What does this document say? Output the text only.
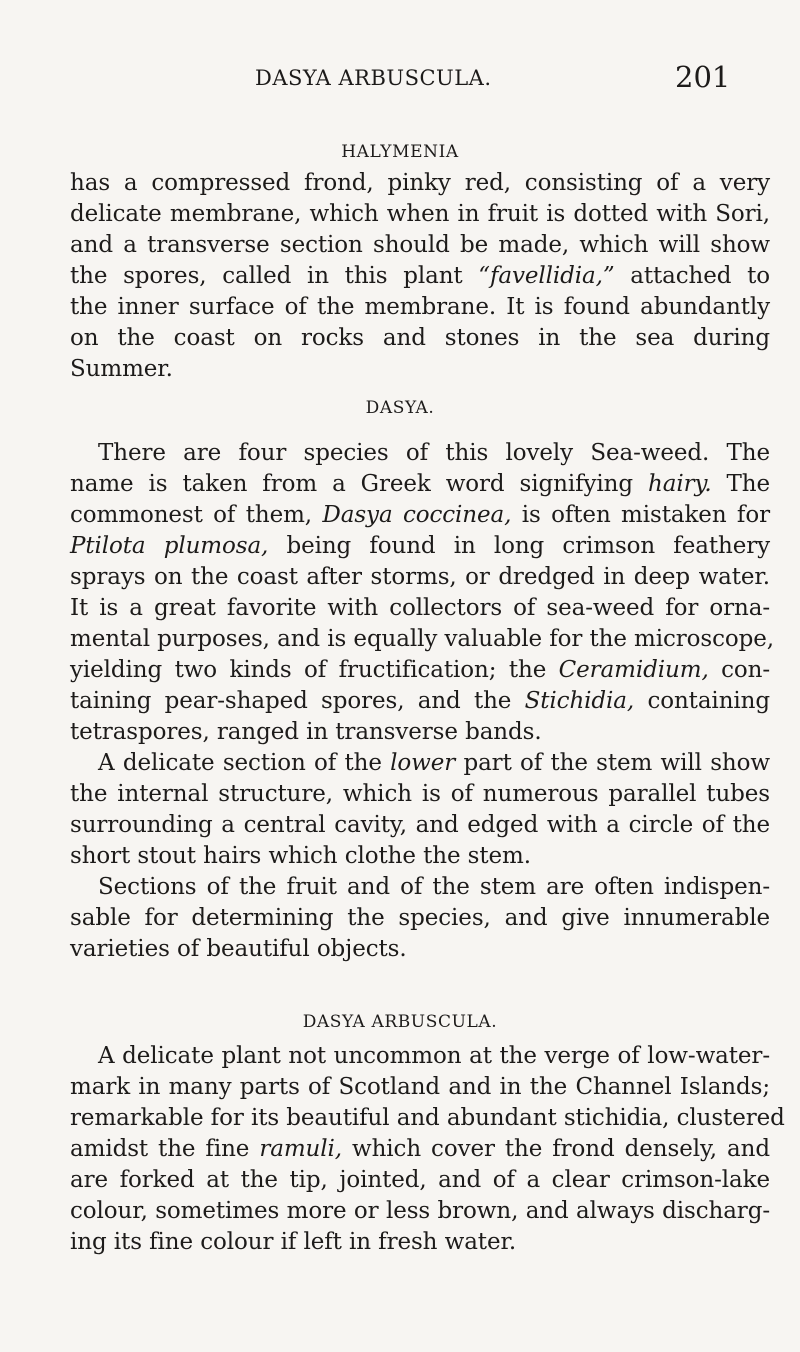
DASYA ARBUSCULA.	201
HALYMENIA
has a compressed frond, pinky red, consisting of a very
delicate membrane, which when in fruit is dotted with Sori,
and a transverse section should be made, which will show
the spores, called in this plant “favellidia,” attached to
the inner surface of the membrane. It is found abundantly
on the coast on rocks and stones in the sea during
Summer.
DASYA.
There are four species of this lovely Sea-weed. The
name is taken from a Greek word signifying hairy. The
commonest of them, Dasya coccinea, is often mistaken for
Ptilota plumosa, being found in long crimson feathery
sprays on the coast after storms, or dredged in deep water.
It is a great favorite with collectors of sea-weed for orna-
mental purposes, and is equally valuable for the microscope,
yielding two kinds of fructification; the Ceramidium, con-
taining pear-shaped spores, and the Stichidia, containing
tetraspores, ranged in transverse bands.
A delicate section of the lower part of the stem will show
the internal structure, which is of numerous parallel tubes
surrounding a central cavity, and edged with a circle of the
short stout hairs which clothe the stem.
Sections of the fruit and of the stem are often indispen-
sable for determining the species, and give innumerable
varieties of beautiful objects.
DASYA ARBUSCULA.
A delicate plant not uncommon at the verge of low-water-
mark in many parts of Scotland and in the Channel Islands;
remarkable for its beautiful and abundant stichidia, clustered
amidst the fine ramuli, which cover the frond densely, and
are forked at the tip, jointed, and of a clear crimson-lake
colour, sometimes more or less brown, and always discharg-
ing its fine colour if left in fresh water.
